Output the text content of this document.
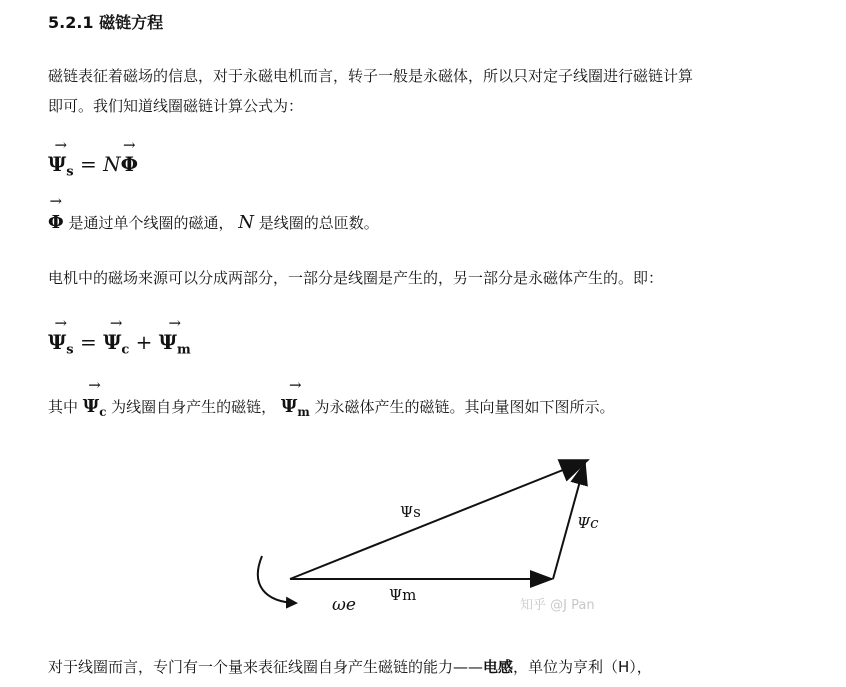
5.2.1 磁链方程
磁链表征着磁场的信息，对于永磁电机而言，转子一般是永磁体，所以只对定子线圈进行磁链计算
即可。我们知道线圈磁链计算公式为：
→
$\Psi_s = N$
→
Φ
→
Φ 是通过单个线圈的磁通， N 是线圈的总匝数。
电机中的磁场来源可以分成两部分，一部分是线圈是产生的，另一部分是永磁体产生的。即：
→
$\Psi_s$ =
→
$\Psi_c$ +
→
$\Psi_m$
其中
→
$\Psi_c$ 为线圈自身产生的磁链，
→
$\Psi_m$ 为永磁体产生的磁链。其向量图如下图所示。
Ψs
Ψc
Ψm
ωe	知乎 @J Pan
对于线圈而言，专门有一个量来表征线圈自身产生磁链的能力——电感，单位为亨利（H），
